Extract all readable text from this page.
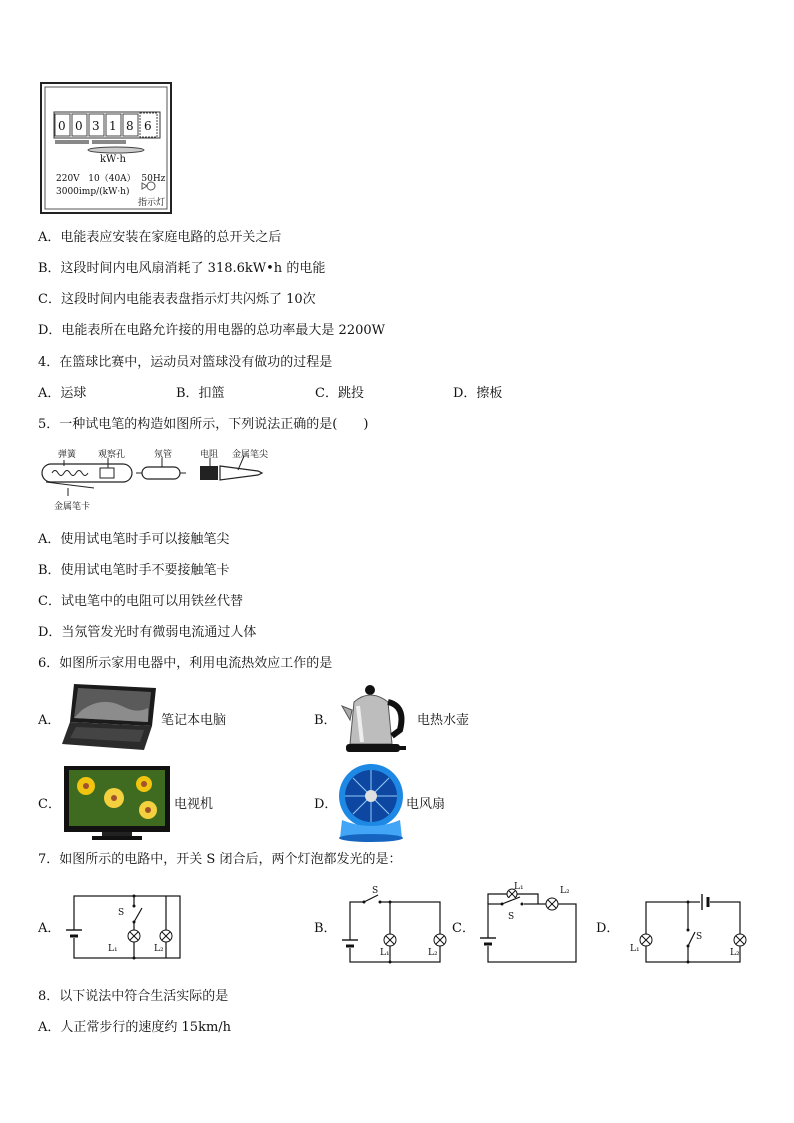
0 0 3 1 8 6
kW·h
220V   10（40A）  50Hz
3000imp/(kW·h)
指示灯
A．电能表应安装在家庭电路的总开关之后
B．这段时间内电风扇消耗了 318.6kW•h 的电能
C．这段时间内电能表表盘指示灯共闪烁了 10次
D．电能表所在电路允许接的用电器的总功率最大是 2200W
4．在篮球比赛中，运动员对篮球没有做功的过程是
A．运球	B．扣篮	C．跳投	D．擦板
5．一种试电笔的构造如图所示，下列说法正确的是(　　)
弹簧 观察孔	氖管	电阻 金属笔尖
金属笔卡
A．使用试电笔时手可以接触笔尖
B．使用试电笔时手不要接触笔卡
C．试电笔中的电阻可以用铁丝代替
D．当氖管发光时有微弱电流通过人体
6．如图所示家用电器中，利用电流热效应工作的是
A．	笔记本电脑	B．	电热水壶
C．	电视机	D．	电风扇
7．如图所示的电路中，开关 S 闭合后，两个灯泡都发光的是：
A．
S
L₁	L₂
B．
S
L₁	L₂
C．
L₁	L₂
S
D．
L₁
S
L₂
8．以下说法中符合生活实际的是
A．人正常步行的速度约 15km/h
